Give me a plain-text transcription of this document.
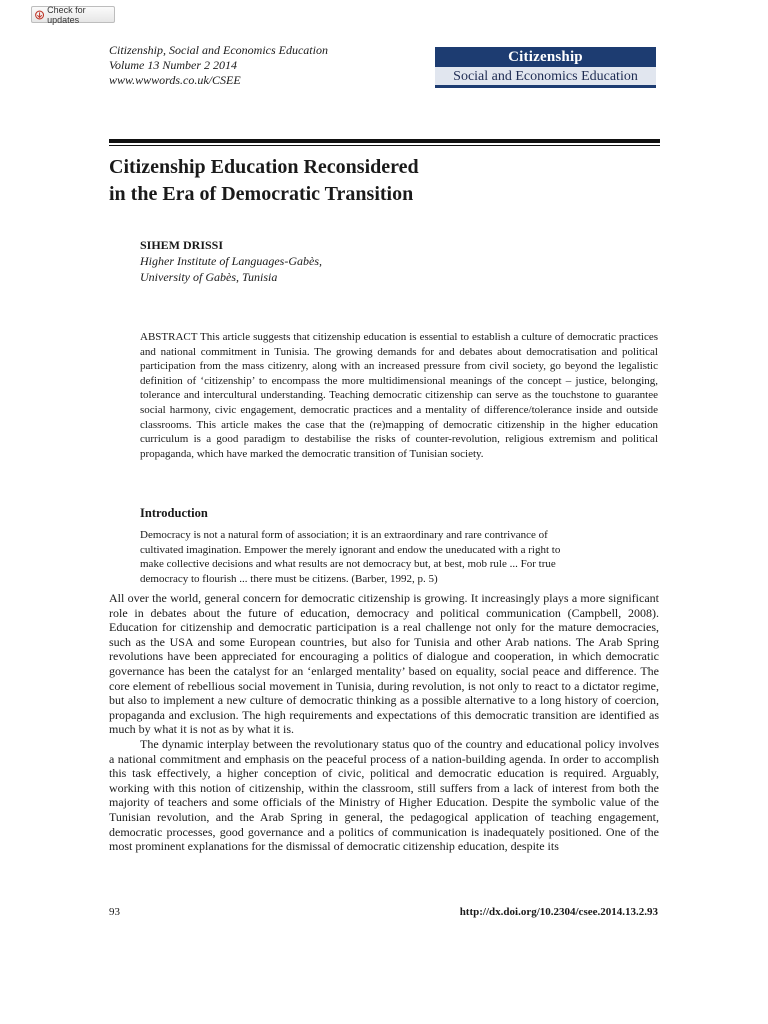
Check for updates
Citizenship, Social and Economics Education
Volume 13 Number 2 2014
www.wwwords.co.uk/CSEE
Citizenship
Social and Economics Education
Citizenship Education Reconsidered
in the Era of Democratic Transition
SIHEM DRISSI
Higher Institute of Languages-Gabès,
University of Gabès, Tunisia

ABSTRACT This article suggests that citizenship education is essential to establish a culture of democratic practices and national commitment in Tunisia. The growing demands for and debates about democratisation and political participation from the mass citizenry, along with an increased pressure from civil society, go beyond the legalistic definition of ‘citizenship’ to encompass the more multidimensional meanings of the concept – justice, belonging, tolerance and intercultural understanding. Teaching democratic citizenship can serve as the touchstone to guarantee social harmony, civic engagement, democratic practices and a mentality of difference/tolerance inside and outside classrooms. This article makes the case that the (re)mapping of democratic citizenship in the higher education curriculum is a good paradigm to destabilise the risks of counter-revolution, religious extremism and political propaganda, which have marked the democratic transition of Tunisian society.

Introduction
Democracy is not a natural form of association; it is an extraordinary and rare contrivance of
cultivated imagination. Empower the merely ignorant and endow the uneducated with a right to
make collective decisions and what results are not democracy but, at best, mob rule ... For true
democracy to flourish ... there must be citizens. (Barber, 1992, p. 5)

All over the world, general concern for democratic citizenship is growing. It increasingly plays a more significant role in debates about the future of education, democracy and political communication (Campbell, 2008). Education for citizenship and democratic participation is a real challenge not only for the mature democracies, such as the USA and some European countries, but also for Tunisia and other Arab nations. The Arab Spring revolutions have been appreciated for encouraging a politics of dialogue and cooperation, in which democratic governance has been the catalyst for an ‘enlarged mentality’ based on equality, social peace and difference. The core element of rebellious social movement in Tunisia, during revolution, is not only to react to a dictator regime, but also to implement a new culture of democratic thinking as a possible alternative to a long history of coercion, propaganda and exclusion. The high requirements and expectations of this democratic transition are identified as much by what it is not as by what it is.

The dynamic interplay between the revolutionary status quo of the country and educational policy involves a national commitment and emphasis on the peaceful process of a nation-building agenda. In order to accomplish this task effectively, a higher conception of civic, political and democratic education is required. Arguably, working with this notion of citizenship, within the classroom, still suffers from a lack of interest from both the majority of teachers and some officials of the Ministry of Higher Education. Despite the symbolic value of the Tunisian revolution, and the Arab Spring in general, the pedagogical application of teaching engagement, democratic processes, good governance and a politics of communication is inadequately positioned. One of the most prominent explanations for the dismissal of democratic citizenship education, despite its

93	http://dx.doi.org/10.2304/csee.2014.13.2.93
